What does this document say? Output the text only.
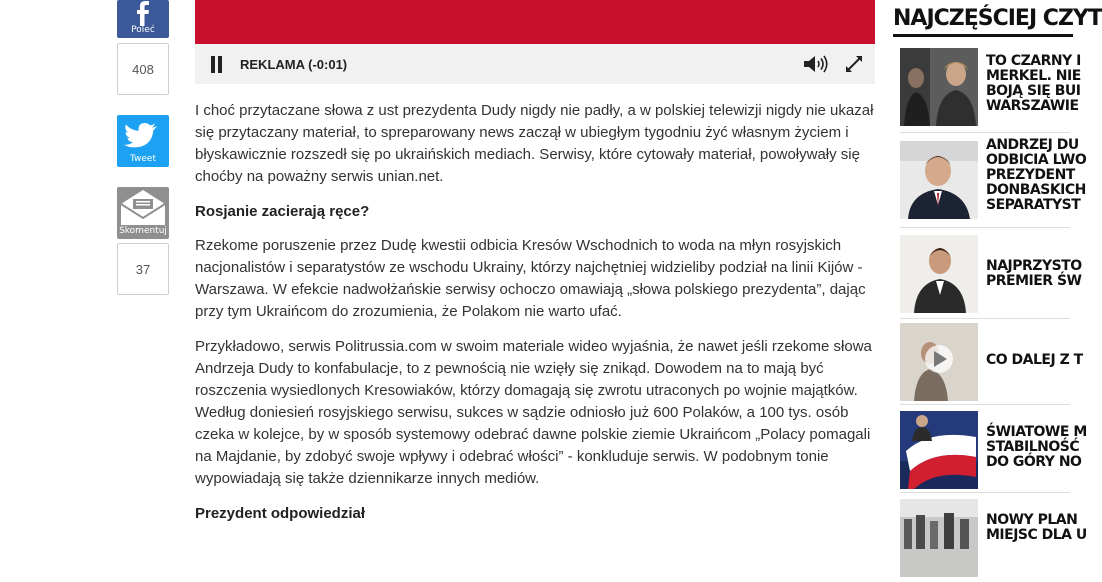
Poleć
408
Tweet
Skomentuj
37
REKLAMA (-0:01)

I choć przytaczane słowa z ust prezydenta Dudy nigdy nie padły, a w polskiej telewizji nigdy nie ukazał się przytaczany materiał, to spreparowany news zaczął w ubiegłym tygodniu żyć własnym życiem i błyskawicznie rozszedł się po ukraińskich mediach. Serwisy, które cytowały materiał, powoływały się choćby na poważny serwis unian.net.

Rosjanie zacierają ręce?

Rzekome poruszenie przez Dudę kwestii odbicia Kresów Wschodnich to woda na młyn rosyjskich nacjonalistów i separatystów ze wschodu Ukrainy, którzy najchętniej widzieliby podział na linii Kijów - Warszawa. W efekcie nadwołżańskie serwisy ochoczo omawiają „słowa polskiego prezydenta”, dając przy tym Ukraińcom do zrozumienia, że Polakom nie warto ufać.

Przykładowo, serwis Politrussia.com w swoim materiale wideo wyjaśnia, że nawet jeśli rzekome słowa Andrzeja Dudy to konfabulacje, to z pewnością nie wzięły się znikąd. Dowodem na to mają być roszczenia wysiedlonych Kresowiaków, którzy domagają się zwrotu utraconych po wojnie majątków. Według doniesień rosyjskiego serwisu, sukces w sądzie odniosło już 600 Polaków, a 100 tys. osób czeka w kolejce, by w sposób systemowy odebrać dawne polskie ziemie Ukraińcom „Polacy pomagali na Majdanie, by zdobyć swoje wpływy i odebrać włości” - konkluduje serwis. W podobnym tonie wypowiadają się także dziennikarze innych mediów.

Prezydent odpowiedział
NAJCZĘŚCIEJ CZYT
TO CZARNY I
MERKEL. NIE
BOJĄ SIĘ BUI
WARSZAWIE
ANDRZEJ DU
ODBICIA LWO
PREZYDENT
DONBASKICH
SEPARATYST
NAJPRZYSTO
PREMIER ŚW
CO DALEJ Z T
ŚWIATOWE M
STABILNOŚĆ
DO GÓRY NO
NOWY PLAN
MIEJSC DLA U
